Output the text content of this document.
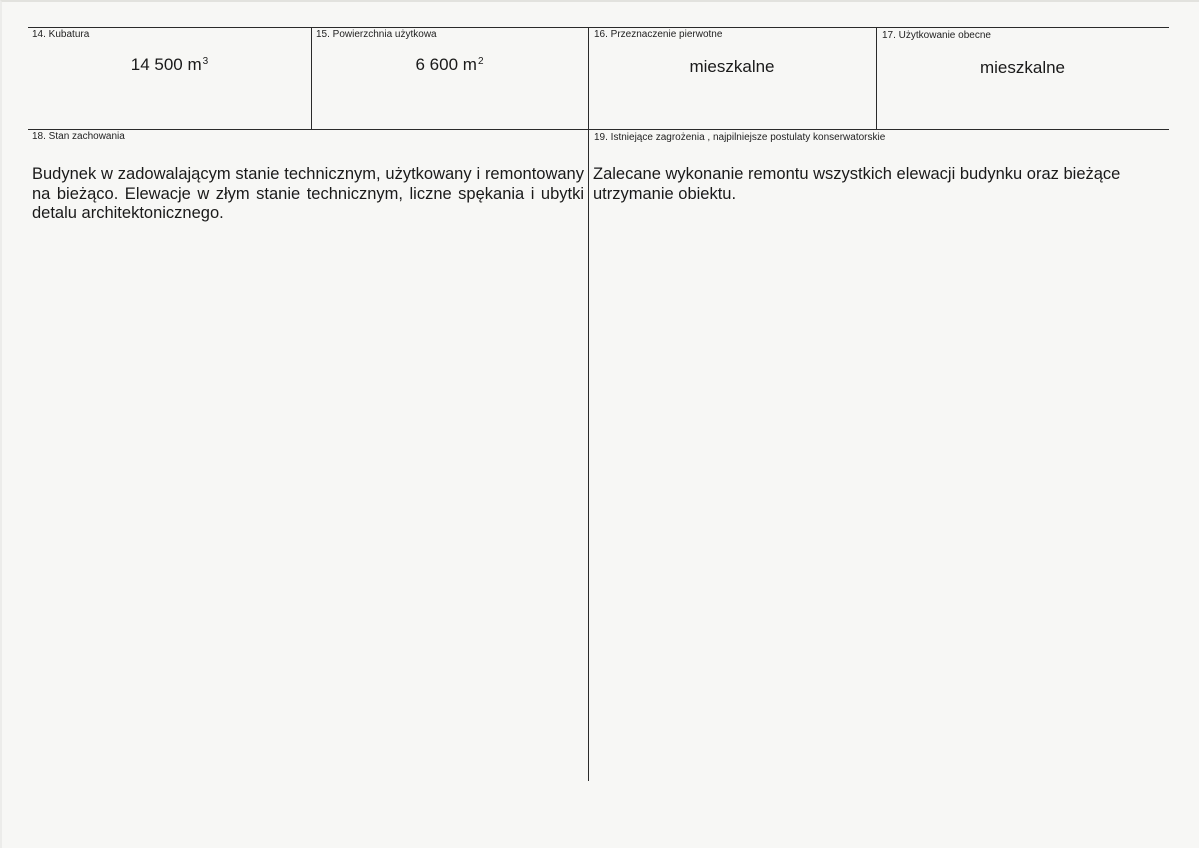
14. Kubatura
14 500 $m^3$
15. Powierzchnia użytkowa
6 600 $m^2$
16. Przeznaczenie pierwotne
mieszkalne
17. Użytkowanie obecne
mieszkalne
18. Stan zachowania
Budynek w zadowalającym stanie technicznym, użytkowany i remontowany na bieżąco. Elewacje w złym stanie technicznym, liczne spękania i ubytki detalu architektonicznego.
19. Istniejące zagrożenia , najpilniejsze postulaty konserwatorskie
Zalecane wykonanie remontu wszystkich elewacji budynku oraz bieżące utrzymanie obiektu.
